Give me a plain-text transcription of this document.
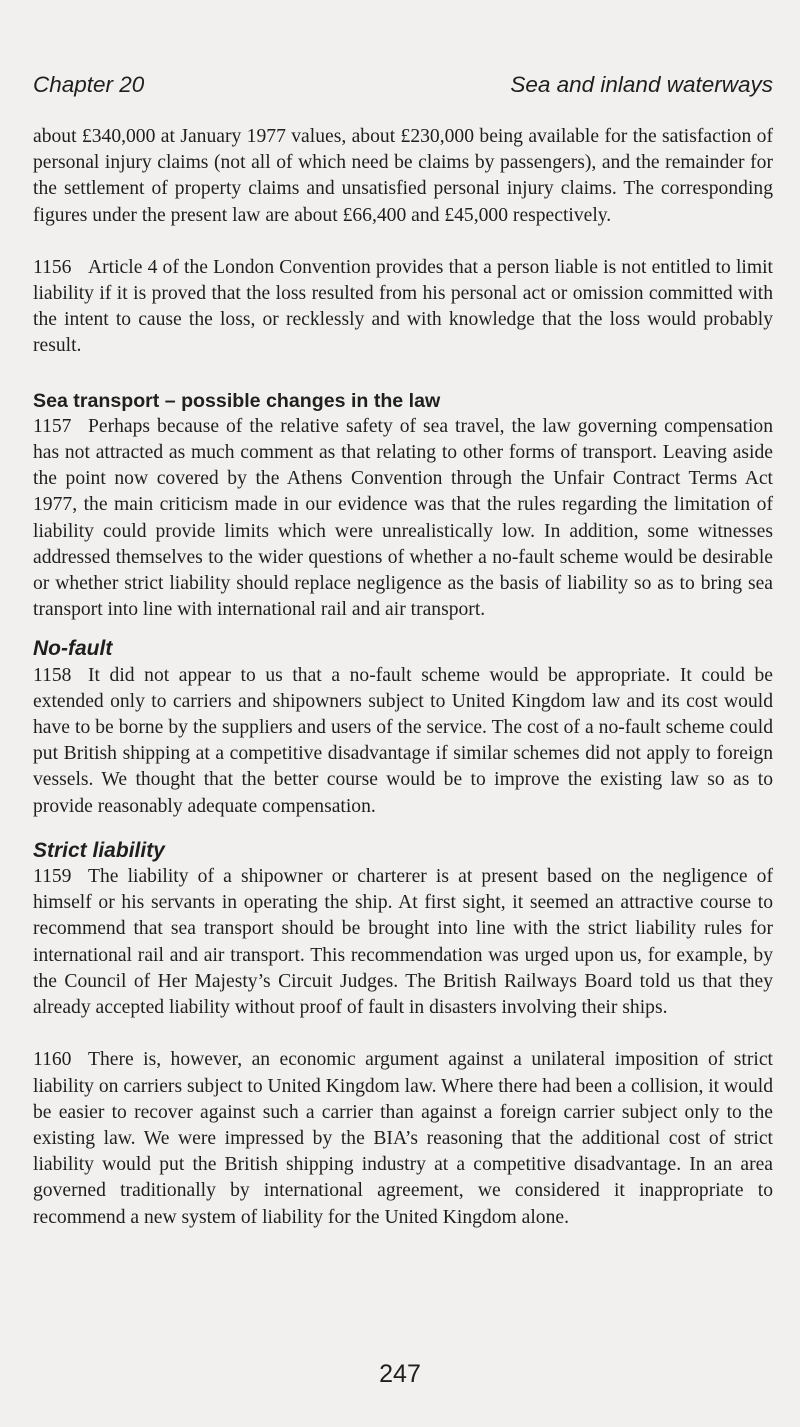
Chapter 20	Sea and inland waterways

about £340,000 at January 1977 values, about £230,000 being available for the satisfaction of personal injury claims (not all of which need be claims by passengers), and the remainder for the settlement of property claims and unsatisfied personal injury claims. The corresponding figures under the present law are about £66,400 and £45,000 respectively.

1156 Article 4 of the London Convention provides that a person liable is not entitled to limit liability if it is proved that the loss resulted from his personal act or omission committed with the intent to cause the loss, or recklessly and with knowledge that the loss would probably result.

Sea transport – possible changes in the law

1157 Perhaps because of the relative safety of sea travel, the law governing compensation has not attracted as much comment as that relating to other forms of transport. Leaving aside the point now covered by the Athens Convention through the Unfair Contract Terms Act 1977, the main criticism made in our evidence was that the rules regarding the limitation of liability could provide limits which were unrealistically low. In addition, some witnesses addressed themselves to the wider questions of whether a no-fault scheme would be desirable or whether strict liability should replace negligence as the basis of liability so as to bring sea transport into line with international rail and air transport.

No-fault

1158 It did not appear to us that a no-fault scheme would be appropriate. It could be extended only to carriers and shipowners subject to United Kingdom law and its cost would have to be borne by the suppliers and users of the service. The cost of a no-fault scheme could put British shipping at a competitive disadvantage if similar schemes did not apply to foreign vessels. We thought that the better course would be to improve the existing law so as to provide reasonably adequate compensation.

Strict liability

1159 The liability of a shipowner or charterer is at present based on the negligence of himself or his servants in operating the ship. At first sight, it seemed an attractive course to recommend that sea transport should be brought into line with the strict liability rules for international rail and air transport. This recommendation was urged upon us, for example, by the Council of Her Majesty’s Circuit Judges. The British Railways Board told us that they already accepted liability without proof of fault in disasters involving their ships.

1160 There is, however, an economic argument against a unilateral imposition of strict liability on carriers subject to United Kingdom law. Where there had been a collision, it would be easier to recover against such a carrier than against a foreign carrier subject only to the existing law. We were impressed by the BIA’s reasoning that the additional cost of strict liability would put the British shipping industry at a competitive disadvantage. In an area governed traditionally by international agreement, we considered it inappropriate to recommend a new system of liability for the United Kingdom alone.

247
